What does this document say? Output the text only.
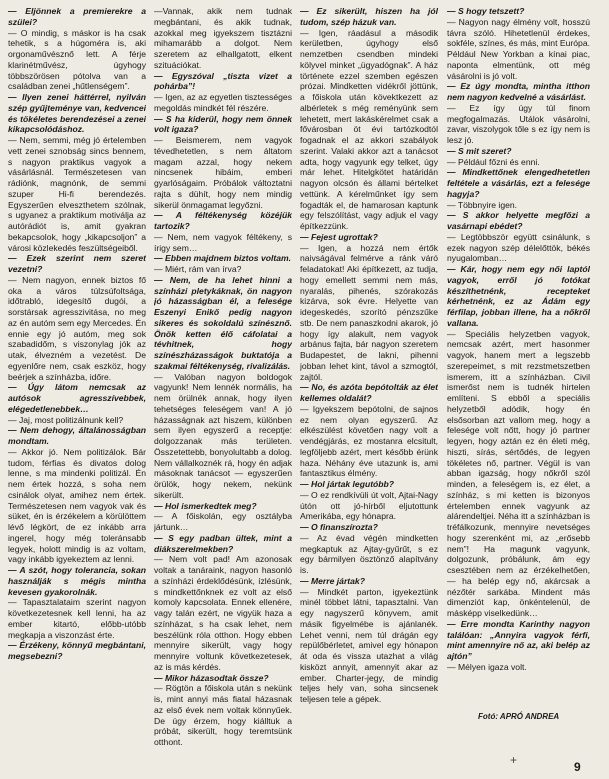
— Eljönnek a premierekre a szülei?

— O mindig, s máskor is ha csak tehetik, s a húgoméra is, aki orgonaművésznő lett. A férje klarinétművész, úgyhogy többszörösen pótolva van a családban zenei „hűtlenségem”.

— Ilyen zenei háttérrel, nyilván szép gyűjteménye van, kedvencei és tökéletes berendezései a zenei kikapcsolódáshoz.

— Nem, semmi, még jó értelemben vett zenei sznobság sincs bennem, s nagyon praktikus vagyok a vásárlásnál. Természetesen van rádiónk, magnónk, de semmi szuper Hi-fi berendezés. Egyszerűen elveszthetem szólnak, s ugyanez a praktikum motiválja az autórádiót is, amit gyakran bekapcsolok, hogy „kikapcsoljon” a városi közlekedés feszültségeiből.

— Ezek szerint nem szeret vezetni?

— Nem nagyon, ennek biztos fő oka a város túlzsúfoltsága, időtrabló, idegesítő dugói, a sorstársak agresszivitása, no meg az én autóm sem egy Mercedes. Én ennie egy jó autóm, meg sok szabadidőm, s viszonylag jók az utak, élvezném a vezetést. De egyenlőre nem, csak eszköz, hogy beérjek a színházba, időre.

— Úgy látom nemcsak az autósok agresszívebbek, elégedetlenebbek…

— Jaj, most politizálnunk kell?

— Nem dehogy, általánosságban mondtam.

— Akkor jó. Nem politizálok. Bár tudom, férfias és divatos dolog lenne, s ma mindenki politizál. Én nem értek hozzá, s soha nem csinálok olyat, amihez nem értek. Természetesen nem vagyok vak és süket, én is érzékelem a körülöttem lévő légkört, de ez inkább arra ingerel, hogy még toleránsabb legyek, holott mindig is az voltam, vagy inkább igyekeztem az lenni.

— A szót, hogy tolerancia, sokan használják s mégis mintha kevesen gyakorolnák.

— Tapasztalataim szerint nagyon következetesnek kell lenni, ha az ember kitartó, előbb-utóbb megkapja a viszonzást érte.

— Érzékeny, könnyű megbántani, megsebezni?

—Vannak, akik nem tudnak megbántani, és akik tudnak, azokkal meg igyekszem tisztázni mihamarább a dolgot. Nem szeretem az elhallgatott, elkent szituációkat.

— Egyszóval „tiszta vizet a pohárba”!

— Igen, az az egyetlen tisztességes megoldás mindkét fél részére.

— S ha kiderül, hogy nem önnek volt igaza?

— Beismerem, nem vagyok tévedhetetlen, s nem áltatom magam azzal, hogy nekem nincsenek hibáim, emberi gyarlóságaim. Próbálok változtatni rajta s dühít, hogy nem mindig sikerül önmagamat legyőzni.

— A féltékenység közéjük tartozik?

— Nem, nem vagyok féltékeny, s írigy sem…

— Ebben majdnem biztos voltam.

— Miért, rám van írva?

— Nem, de ha lehet hinni a színházi pletykáknak, ön nagyon jó házasságban él, a felesége Eszenyi Enikő pedig nagyon sikeres és sokoldalú színésznő. Önök ketten élő cáfolatai a tévhitnek, hogy színészházasságok buktatója a szakmai féltékenység, rivalizálás.

— Valóban nagyon boldogok vagyunk! Nem lennék normális, ha nem örülnék annak, hogy ilyen tehetséges feleségem van! A jó házasságnak azt hiszem, különben sem ilyen egyszerű a receptje: dolgozzanak más területen. Összetettebb, bonyolultabb a dolog. Nem vállalkoznék rá, hogy én adjak másoknak tanácsot — egyszerűen örülök, hogy nekem, nekünk sikerült.

— Hol ismerkedtek meg?

— A főiskolán, egy osztályba jártunk…

— S egy padban ültek, mint a diákszerelmekben?

— Nem volt pad! Am azonosak voltak a tanáraink, nagyon hasonló a színházi érdeklődésünk, ízlésünk, s mindkettőnknek ez volt az első komoly kapcsolata. Ennek ellenére, vagy talán ezért, ne vigyük haza a színházat, s ha csak lehet, nem beszélünk róla otthon. Hogy ebben mennyire sikerült, vagy hogy mennyire voltunk következetesek, az is más kérdés.

— Mikor házasodtak össze?

— Rögtön a főiskola után s nekünk is, mint annyi más fiatal házasnak az első évek nem voltak könnyűek. De úgy érzem, hogy kiálltuk a próbát, sikerült, hogy teremtsünk otthont.

— Ez sikerült, hiszen ha jól tudom, szép házuk van.

— Igen, ráadásul a második kerületben, úgyhogy első nemzetben csendben mindeki kölyvel minket „ügyadógnak”. A ház története ezzel szemben egészen prózai. Mindketten vidékről jöttünk, a főiskola után kövektkezett az albérletek s még reményünk sem lehetett, mert lakáskérelmet csak a fővárosban öt évi tartózkodtól fogadnak el az akkori szabályok szerint. Valaki akkor azt a tanácsot adta, hogy vagyunk egy telket, úgy már lehet. Hitelgkötet határidán nagyon olcsón és állami bértelket vettünk. A kérelműnket így sem fogadták el, de hamarosan kaptunk egy felszólítást, vagy adjuk el vagy építkezzünk.

— Fejest ugrottak?

— Igen, a hozzá nem értők naivságával felmérve a ránk váró feladatokat! Aki építkezett, az tudja, hogy emellett semmi nem más, nyaralás, pihenés, szórakozás kizárva, sok évre. Helyette van idegeskedés, szorító pénzszűke stb. De nem panaszkodni akarok, jó hogy így alakult, nem vagyok arbánus fajta, bár nagyon szeretem Budapestet, de lakni, pihenni jobban lehet kint, távol a szmogtól, zajtól.

— No, és azóta bepótolták az élet kellemes oldalát?

— Igyekszem bepótolni, de sajnos ez nem olyan egyszerű. Az elkészülést követően nagy volt a vendégjárás, ez mostanra elcsitult, legföljebb azért, mert később érünk haza. Néhány éve utazunk is, ami fantasztikus élmény.

— Hol jártak legutóbb?

— O ez rendkívüli út volt, Ajtai-Nagy útón ott jó-hírből eljutottunk Amerikába, egy hónapra.

— O finanszírozta?

— Az évad végén mindketten megkaptuk az Ajtay-gyűrűt, s ez egy bármilyen ösztönző alapítvány is.

— Merre jártak?

— Mindkét parton, igyekeztünk minél többet látni, tapasztalni. Van egy nagyszerű könyvem, amit másik figyelmébe is ajánlanék. Lehet venni, nem túl drágán egy repülőbérletet, amivel egy hónapon át oda és vissza utazhat a világ kisközt annyit, amennyit akar az ember. Charter-jegy, de mindig teljes hely van, soha sincsenek teljesen tele a gépek.

— S hogy tetszett?

— Nagyon nagy élmény volt, hosszú távra szóló. Hihetetlenül érdekes, sokféle, színes, és más, mint Európa. Például New Yorkban a kínai piac, naponta elmentünk, ott még vásárolni is jó volt.

— Ez úgy mondta, mintha itthon nem nagyon kedvelné a vásárlást.

— Ez így úgy túl finom megfogalmazás. Utálok vásárolni, zavar, viszolygok tőle s ez így nem is lesz jó.

— S mit szeret?

— Például főzni és enni.

— Mindkettőnek elengedhetetlen feltétele a vásárlás, ezt a felesége hagyja?

— Többnyire igen.

— S akkor helyette megfőzi a vasárnapi ebédet?

— Legtöbbször együtt csinálunk, s ezek nagyon szép délelőttök, békés nyugalomban…

— Kár, hogy nem egy női laptól vagyok, erről jó fotókat készíthetnénk, recepteket kérhetnénk, ez az Ádám egy férfilap, jobban illene, ha a nőkről vallana.

— Speciális helyzetben vagyok, nemcsak azért, mert hasonmer vagyok, hanem mert a legszebb szerepeimet, s mit rezstmetszetben ismerem, itt a színházban. Civil ismerőst nem is tudnék hirtelen említeni. S ebből a speciális helyzetből adódik, hogy én elsősorban azt vallom meg, hogy a felesége volt nőtt, hogy jó partner legyen, hogy aztán ez én életi még, hiszti, sírás, sértődés, de legyen tökéletes nő, partner. Végül is van abban igazság, hogy nőkről szól minden, a feleségem is, ez élet, a színház, s mi ketten is bizonyos értelemben ennek vagyunk az alárendeltjei. Néha itt a színházban is tréfálkozunk, mennyire nevetséges hogy szerenként mi, az „erősebb nem”! Ha magunk vagyunk, dolgozunk, próbálunk, ám egy csesztében nem az érzékelhetően, — ha belép egy nő, akárcsak a nézőtér sarkába. Mindent más dimenziót kap, önkéntelenül, de másképp viselkedünk…

— Erre mondta Karinthy nagyon találóan: „Annyira vagyok férfi, mint amennyire nő az, aki belép az ajtón”

— Mélyen igaza volt.

Fotó: APRÓ ANDREA
+	9
